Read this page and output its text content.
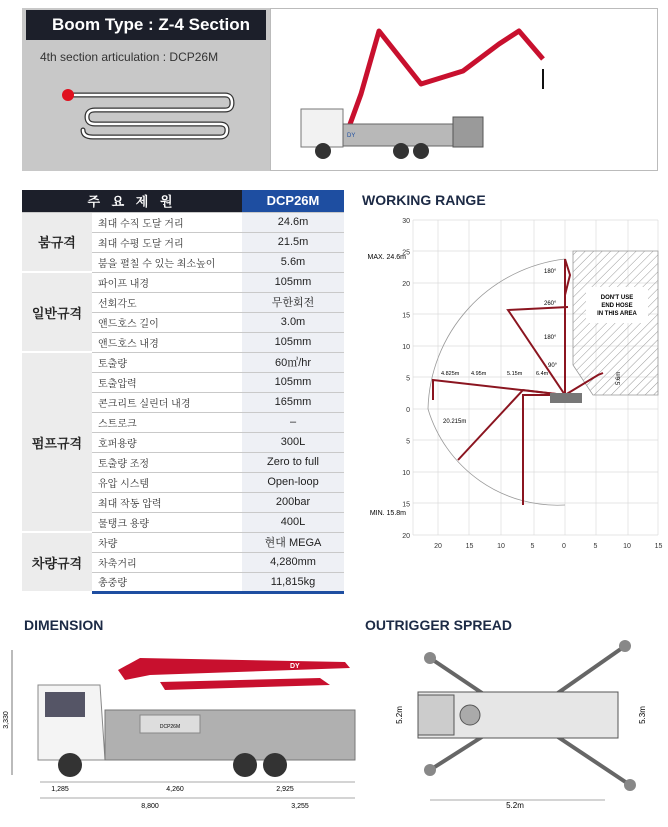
Boom Type : Z-4 Section
4th section articulation : DCP26M
DY
주 요 제 원		DCP26M
붐규격	최대 수직 도달 거리	24.6m
	최대 수평 도달 거리	21.5m
	붐을 펼칠 수 있는 최소높이	5.6m
일반규격	파이프 내경	105mm
	선회각도	무한회전
	앤드호스 길이	3.0m
	앤드호스 내경	105mm
펌프규격	토출량	60㎥/hr
	토출압력	105mm
	콘크리트 실린더 내경	165mm
	스트로크	–
	호퍼용량	300L
	토출량 조정	Zero to full
	유압 시스템	Open-loop
	최대 작동 압력	200bar
	물탱크 용량	400L
차량규격	차량	현대 MEGA
	차축거리	4,280mm
	총중량	11,815kg
WORKING RANGE
30
25
20
15
10
5
0
5
10
15
20
20	15	10	5	0	5	10	15
MAX. 24.6m
MIN. 15.8m
DON'T USE END HOSE IN THIS AREA
180°
260°
180°
90°
4.825m 4.95m	5.15m 6.4m
20.215m
5.6m
DIMENSION
3,330
DY
DCP26M
1,285	4,260	2,925
8,800	3,255
OUTRIGGER SPREAD
5.2m	5.3m
5.2m
